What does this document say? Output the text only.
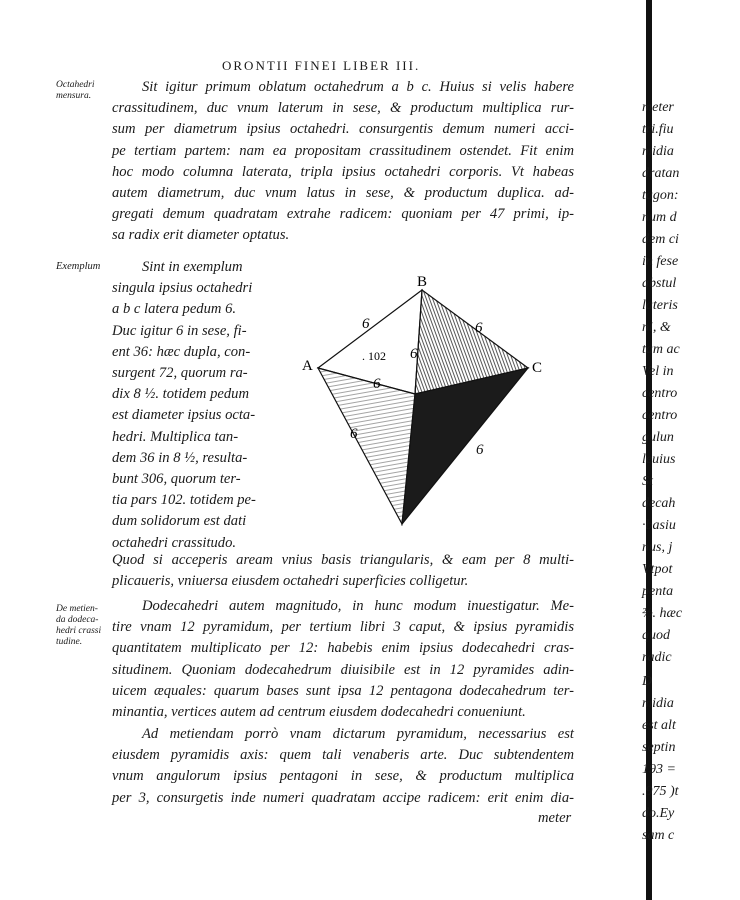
ORONTII FINEI LIBER III.
Octahedri
mensura.
Exemplum
De metien-
da dodeca-
hedri crassi
tudine.
Sit igitur primum oblatum octahedrum a b c. Huius si velis habere
crassitudinem, duc vnum laterum in sese, & productum multiplica rur-
sum per diametrum ipsius octahedri. consurgentis demum numeri acci-
pe tertiam partem: nam ea propositam crassitudinem ostendet. Fit enim
hoc modo columna laterata, tripla ipsius octahedri corporis. Vt habeas
autem diametrum, duc vnum latus in sese, & productum duplica. ad-
gregati demum quadratam extrahe radicem: quoniam per 47 primi, ip-
sa radix erit diameter optatus.
Sint in exemplum
singula ipsius octahedri
a b c latera pedum 6.
Duc igitur 6 in sese, fi-
ent 36: hæc dupla, con-
surgent 72, quorum ra-
dix 8 ½. totidem pedum
est diameter ipsius octa-
hedri. Multiplica tan-
dem 36 in 8 ½, resulta-
bunt 306, quorum ter-
tia pars 102. totidem pe-
dum solidorum est dati
octahedri crassitudo.
B
A	C
6	6
6
6
6
6
. 102
Quod si acceperis aream vnius basis triangularis, & eam per 8 multi-
plicaueris, vniuersa eiusdem octahedri superficies colligetur.
Dodecahedri autem magnitudo, in hunc modum inuestigatur. Me-
tire vnam 12 pyramidum, per tertium libri 3 caput, & ipsius pyramidis
quantitatem multiplicato per 12: habebis enim ipsius dodecahedri cras-
situdinem. Quoniam dodecahedrum diuisibile est in 12 pyramides adin-
uicem æquales: quarum bases sunt ipsa 12 pentagona dodecahedrum ter-
minantia, vertices autem ad centrum eiusdem dodecahedri conueniunt.
Ad metiendam porrò vnam dictarum pyramidum, necessarius est
eiusdem pyramidis axis: quem tali venaberis arte. Duc subtendentem
vnum angulorum ipsius pentagoni in sese, & productum multiplica
per 3, consurgetis inde numeri quadratam accipe radicem: erit enim dia-
meter
meter
tri.fiu
midia
dratan
tagon:
num d
dem ci
in fese
abstul
lateris
ni, &
tam ac
Vel in
centro
centro
gulun
leuius
St
decah
·basiu
nus, j
Vtpot
penta
⅔. hæc
quod
radic
D
midia
est alt
septin
193 =
.975 )t
do.Ey
sam c
